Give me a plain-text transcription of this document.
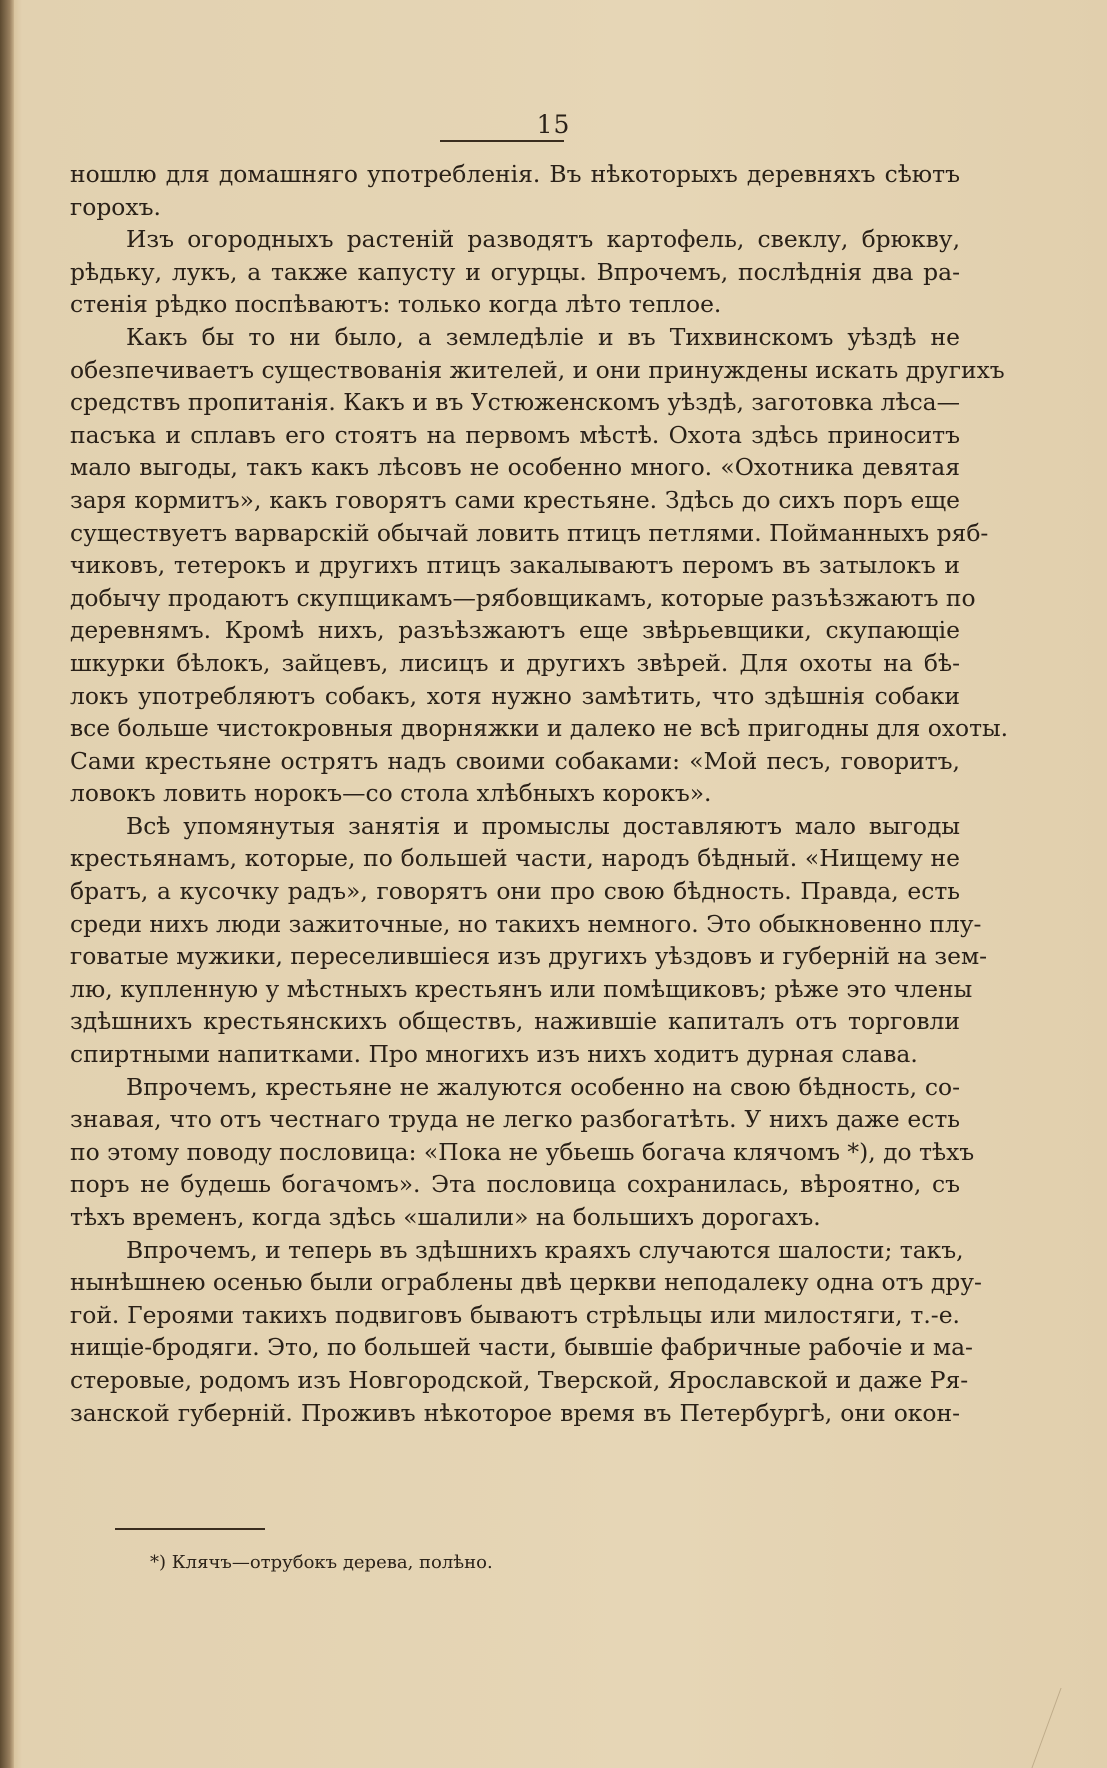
15
ношлю для домашняго употребленія. Въ нѣкоторыхъ деревняхъ сѣютъ
горохъ.
Изъ огородныхъ растеній разводятъ картофель, свеклу, брюкву,
рѣдьку, лукъ, а также капусту и огурцы. Впрочемъ, послѣднія два ра-
стенія рѣдко поспѣваютъ: только когда лѣто теплое.
Какъ бы то ни было, а земледѣліе и въ Тихвинскомъ уѣздѣ не
обезпечиваетъ существованія жителей, и они принуждены искать другихъ
средствъ пропитанія. Какъ и въ Устюженскомъ уѣздѣ, заготовка лѣса—
пасъка и сплавъ его стоятъ на первомъ мѣстѣ. Охота здѣсь приноситъ
мало выгоды, такъ какъ лѣсовъ не особенно много. «Охотника девятая
заря кормитъ», какъ говорятъ сами крестьяне. Здѣсь до сихъ поръ еще
существуетъ варварскій обычай ловить птицъ петлями. Пойманныхъ ряб-
чиковъ, тетерокъ и другихъ птицъ закалываютъ перомъ въ затылокъ и
добычу продаютъ скупщикамъ—рябовщикамъ, которые разъѣзжаютъ по
деревнямъ. Кромѣ нихъ, разъѣзжаютъ еще звѣрьевщики, скупающіе
шкурки бѣлокъ, зайцевъ, лисицъ и другихъ звѣрей. Для охоты на бѣ-
локъ употребляютъ собакъ, хотя нужно замѣтить, что здѣшнія собаки
все больше чистокровныя дворняжки и далеко не всѣ пригодны для охоты.
Сами крестьяне острятъ надъ своими собаками: «Мой песъ, говоритъ,
ловокъ ловить норокъ—со стола хлѣбныхъ корокъ».
Всѣ упомянутыя занятія и промыслы доставляютъ мало выгоды
крестьянамъ, которые, по большей части, народъ бѣдный. «Нищему не
братъ, а кусочку радъ», говорятъ они про свою бѣдность. Правда, есть
среди нихъ люди зажиточные, но такихъ немного. Это обыкновенно плу-
говатые мужики, переселившіеся изъ другихъ уѣздовъ и губерній на зем-
лю, купленную у мѣстныхъ крестьянъ или помѣщиковъ; рѣже это члены
здѣшнихъ крестьянскихъ обществъ, нажившіе капиталъ отъ торговли
спиртными напитками. Про многихъ изъ нихъ ходитъ дурная слава.
Впрочемъ, крестьяне не жалуются особенно на свою бѣдность, со-
знавая, что отъ честнаго труда не легко разбогатѣть. У нихъ даже есть
по этому поводу пословица: «Пока не убьешь богача клячомъ *), до тѣхъ
поръ не будешь богачомъ». Эта пословица сохранилась, вѣроятно, съ
тѣхъ временъ, когда здѣсь «шалили» на большихъ дорогахъ.
Впрочемъ, и теперь въ здѣшнихъ краяхъ случаются шалости; такъ,
нынѣшнею осенью были ограблены двѣ церкви неподалеку одна отъ дру-
гой. Героями такихъ подвиговъ бываютъ стрѣльцы или милостяги, т.-е.
нищіе-бродяги. Это, по большей части, бывшіе фабричные рабочіе и ма-
стеровые, родомъ изъ Новгородской, Тверской, Ярославской и даже Ря-
занской губерній. Проживъ нѣкоторое время въ Петербургѣ, они окон-
*) Клячъ—отрубокъ дерева, полѣно.
